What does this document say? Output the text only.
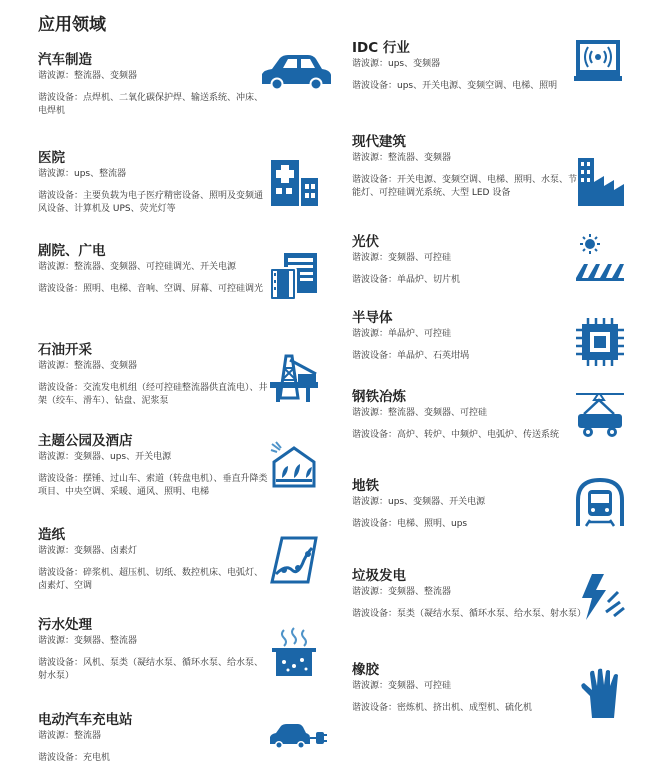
应用领域
汽车制造
谐波源：整流器、变频器
谐波设备：点焊机、二氧化碳保护焊、输送系统、冲床、电焊机
医院
谐波源：ups、整流器
谐波设备：主要负载为电子医疗精密设备、照明及变频通风设备、计算机及 UPS、荧光灯等
剧院、广电
谐波源：整流器、变频器、可控硅调光、开关电源
谐波设备：照明、电梯、音响、空调、屏幕、可控硅调光
石油开采
谐波源：整流器、变频器
谐波设备：交流发电机组（经可控硅整流器供直流电）、井架（绞车、滑车）、钻盘、泥浆泵
主题公园及酒店
谐波源：变频器、ups、开关电源
谐波设备：摆锤、过山车、索道（转盘电机）、垂直升降类项目、中央空调、采暖、通风、照明、电梯
造纸
谐波源：变频器、卤素灯
谐波设备：碎浆机、超压机、切纸、数控机床、电弧灯、卤素灯、空调
污水处理
谐波源：变频器、整流器
谐波设备：风机、泵类（凝结水泵、循环水泵、给水泵、射水泵）
电动汽车充电站
谐波源：整流器
谐波设备：充电机
IDC 行业
谐波源：ups、变频器
谐波设备：ups、开关电源、变频空调、电梯、照明
现代建筑
谐波源：整流器、变频器
谐波设备：开关电源、变频空调、电梯、照明、水泵、节能灯、可控硅调光系统、大型 LED 设备
光伏
谐波源：变频器、可控硅
谐波设备：单晶炉、切片机
半导体
谐波源：单晶炉、可控硅
谐波设备：单晶炉、石英坩埚
钢铁冶炼
谐波源：整流器、变频器、可控硅
谐波设备：高炉、转炉、中频炉、电弧炉、传送系统
地铁
谐波源：ups、变频器、开关电源
谐波设备：电梯、照明、ups
垃圾发电
谐波源：变频器、整流器
谐波设备：泵类（凝结水泵、循环水泵、给水泵、射水泵）
橡胶
谐波源：变频器、可控硅
谐波设备：密炼机、挤出机、成型机、硫化机
